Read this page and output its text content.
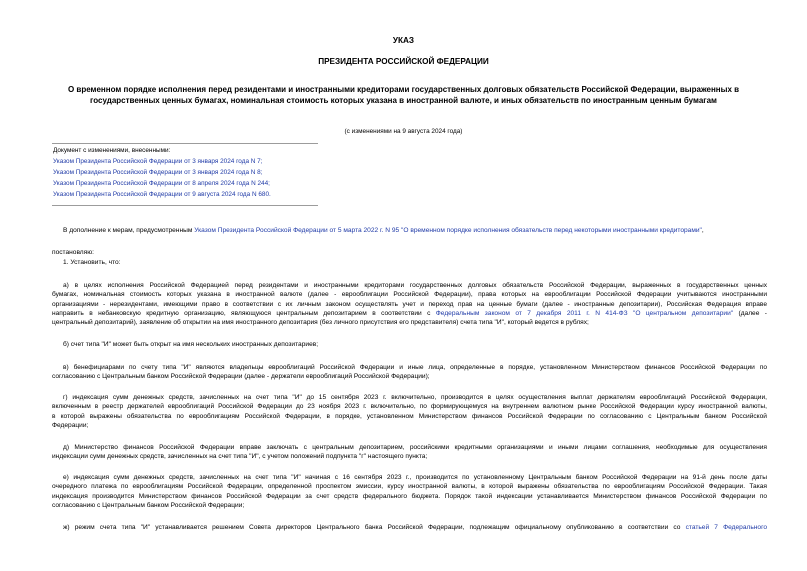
УКАЗ
ПРЕЗИДЕНТА РОССИЙСКОЙ ФЕДЕРАЦИИ
О временном порядке исполнения перед резидентами и иностранными кредиторами государственных долговых обязательств Российской Федерации, выраженных в государственных ценных бумагах, номинальная стоимость которых указана в иностранной валюте, и иных обязательств по иностранным ценным бумагам
(с изменениями на 9 августа 2024 года)
Документ с изменениями, внесенными:
Указом Президента Российской Федерации от 3 января 2024 года N 7;
Указом Президента Российской Федерации от 3 января 2024 года N 8;
Указом Президента Российской Федерации от 8 апреля 2024 года N 244;
Указом Президента Российской Федерации от 9 августа 2024 года N 680.
В дополнение к мерам, предусмотренным Указом Президента Российской Федерации от 5 марта 2022 г. N 95 "О временном порядке исполнения обязательств перед некоторыми иностранными кредиторами",
постановляю:
1. Установить, что:
а) в целях исполнения Российской Федерацией перед резидентами и иностранными кредиторами государственных долговых обязательств Российской Федерации, выраженных в государственных ценных
бумагах, номинальная стоимость которых указана в иностранной валюте (далее - еврооблигации Российской Федерации), права которых на еврооблигации Российской Федерации учитываются иностранными
организациями - нерезидентами, имеющими право в соответствии с их личным законом осуществлять учет и переход прав на ценные бумаги (далее - иностранные депозитарии), Российская Федерация вправе
направить в небанковскую кредитную организацию, являющуюся центральным депозитарием в соответствии с Федеральным законом от 7 декабря 2011 г. N 414-ФЗ "О центральном депозитарии" (далее -
центральный депозитарий), заявление об открытии на имя иностранного депозитария (без личного присутствия его представителя) счета типа "И", который ведется в рублях;
б) счет типа "И" может быть открыт на имя нескольких иностранных депозитариев;
в) бенефициарами по счету типа "И" являются владельцы еврооблигаций Российской Федерации и иные лица, определенные в порядке, установленном Министерством финансов Российской Федерации по
согласованию с Центральным банком Российской Федерации (далее - держатели еврооблигаций Российской Федерации);
г) индексация сумм денежных средств, зачисленных на счет типа "И" до 15 сентября 2023 г. включительно, производится в целях осуществления выплат держателям еврооблигаций Российской Федерации,
включенным в реестр держателей еврооблигаций Российской Федерации до 23 ноября 2023 г. включительно, по формирующемуся на внутреннем валютном рынке Российской Федерации курсу иностранной валюты,
в которой выражены обязательства по еврооблигациям Российской Федерации, в порядке, установленном Министерством финансов Российской Федерации по согласованию с Центральным банком Российской
Федерации;
д) Министерство финансов Российской Федерации вправе заключать с центральным депозитарием, российскими кредитными организациями и иными лицами соглашения, необходимые для осуществления
индексации сумм денежных средств, зачисленных на счет типа "И", с учетом положений подпункта "г" настоящего пункта;
е) индексация сумм денежных средств, зачисленных на счет типа "И" начиная с 16 сентября 2023 г., производится по установленному Центральным банком Российской Федерации на 91-й день после даты
очередного платежа по еврооблигациям Российской Федерации, определенной проспектом эмиссии, курсу иностранной валюты, в которой выражены обязательства по еврооблигациям Российской Федерации. Такая
индексация производится Министерством финансов Российской Федерации за счет средств федерального бюджета. Порядок такой индексации устанавливается Министерством финансов Российской Федерации по
согласованию с Центральным банком Российской Федерации;
ж) режим счета типа "И" устанавливается решением Совета директоров Центрального банка Российской Федерации, подлежащим официальному опубликованию в соответствии со статьей 7 Федерального
